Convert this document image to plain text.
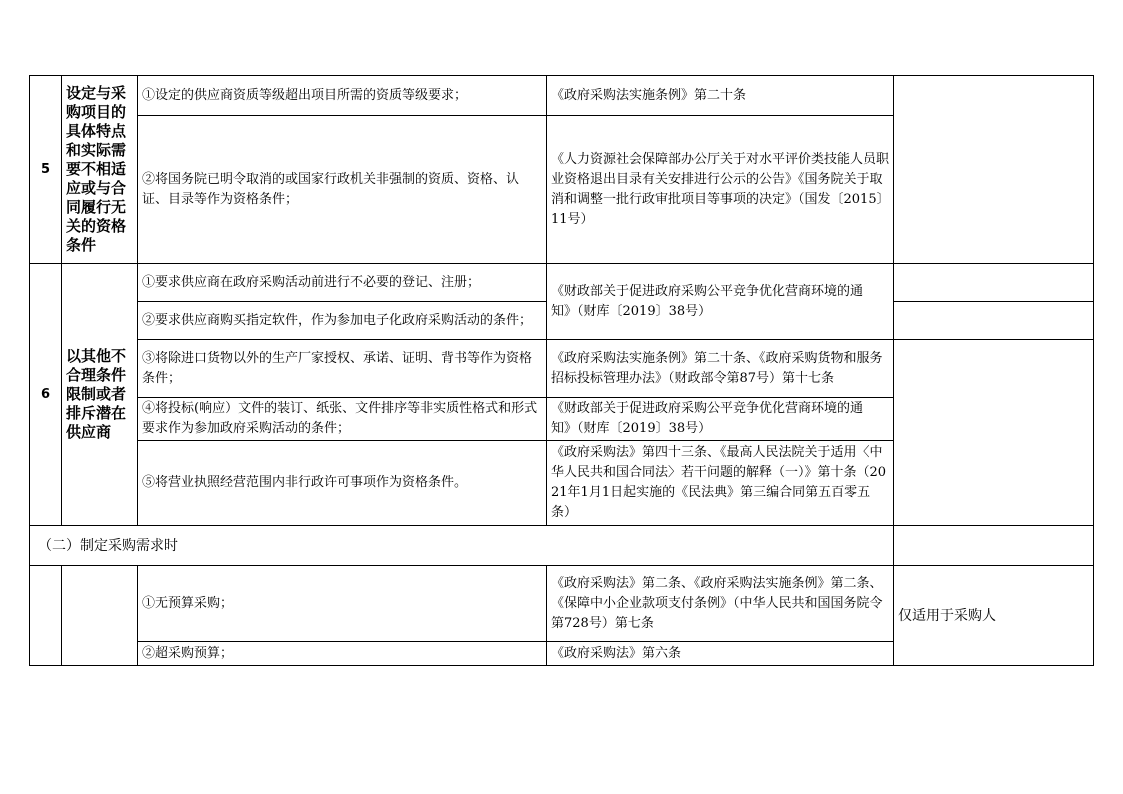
5	设定与采购项目的具体特点和实际需要不相适应或与合同履行无关的资格条件	①设定的供应商资质等级超出项目所需的资质等级要求；	《政府采购法实施条例》第二十条	
		②将国务院已明令取消的或国家行政机关非强制的资质、资格、认证、目录等作为资格条件；	《人力资源社会保障部办公厅关于对水平评价类技能人员职业资格退出目录有关安排进行公示的公告》《国务院关于取消和调整一批行政审批项目等事项的决定》（国发〔2015〕11号）	
6	以其他不合理条件限制或者排斥潜在供应商	①要求供应商在政府采购活动前进行不必要的登记、注册；	《财政部关于促进政府采购公平竞争优化营商环境的通知》（财库〔2019〕38号）	
		②要求供应商购买指定软件，作为参加电子化政府采购活动的条件；		
		③将除进口货物以外的生产厂家授权、承诺、证明、背书等作为资格条件；	《政府采购法实施条例》第二十条、《政府采购货物和服务招标投标管理办法》（财政部令第87号）第十七条	
		④将投标(响应）文件的装订、纸张、文件排序等非实质性格式和形式要求作为参加政府采购活动的条件；	《财政部关于促进政府采购公平竞争优化营商环境的通知》（财库〔2019〕38号）	
		⑤将营业执照经营范围内非行政许可事项作为资格条件。	《政府采购法》第四十三条、《最高人民法院关于适用〈中华人民共和国合同法〉若干问题的解释（一）》第十条（2021年1月1日起实施的《民法典》第三编合同第五百零五条）	
（二）制定采购需求时				
		①无预算采购；	《政府采购法》第二条、《政府采购法实施条例》第二条、《保障中小企业款项支付条例》（中华人民共和国国务院令第728号）第七条	仅适用于采购人
		②超采购预算；	《政府采购法》第六条	
